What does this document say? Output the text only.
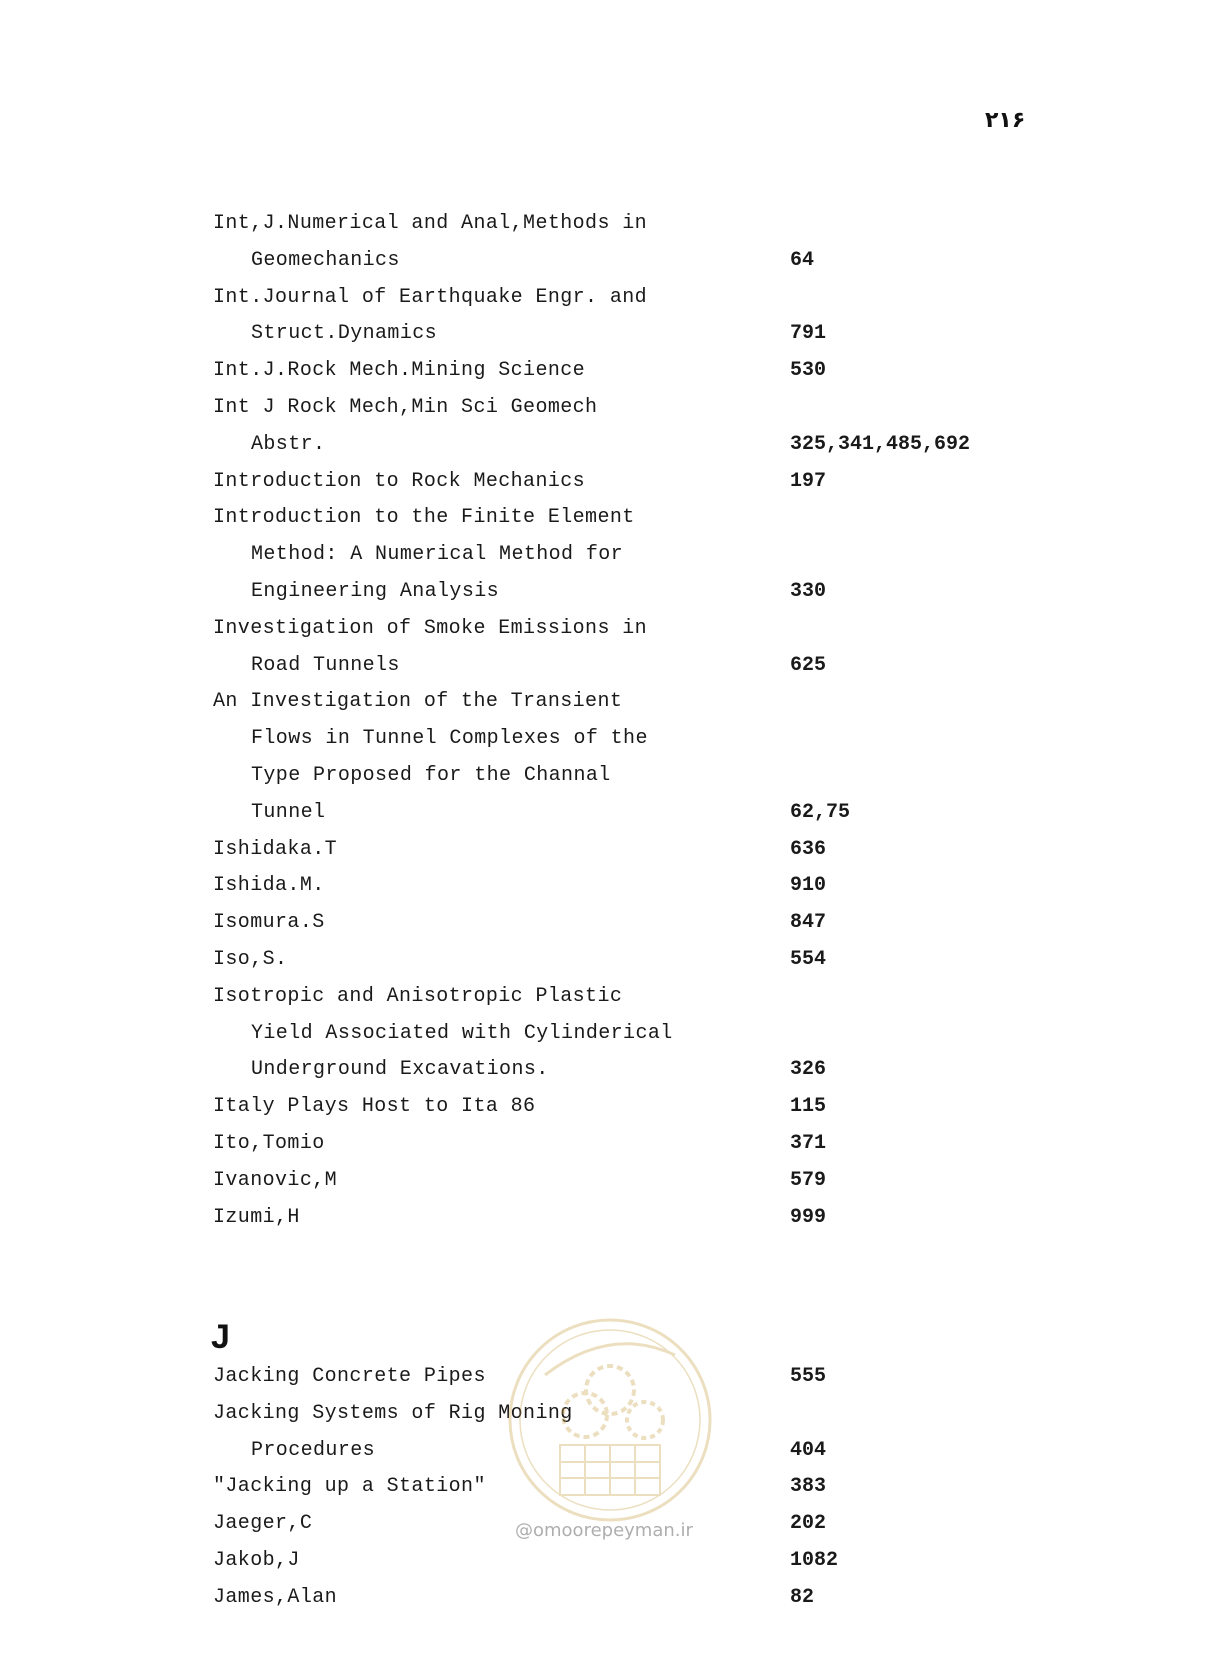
۲۱۶
Int,J.Numerical and Anal,Methods in
Geomechanics	64
Int.Journal of Earthquake Engr. and
Struct.Dynamics	791
Int.J.Rock Mech.Mining Science	530
Int J Rock Mech,Min Sci Geomech
Abstr.	325,341,485,692
Introduction to Rock Mechanics	197
Introduction to the Finite Element
Method: A Numerical Method for
Engineering Analysis	330
Investigation of Smoke Emissions in
Road Tunnels	625
An Investigation of the Transient
Flows in Tunnel Complexes of the
Type Proposed for the Channal
Tunnel	62,75
Ishidaka.T	636
Ishida.M.	910
Isomura.S	847
Iso,S.	554
Isotropic and Anisotropic Plastic
Yield Associated with Cylinderical
Underground Excavations.	326
Italy Plays Host to Ita 86	115
Ito,Tomio	371
Ivanovic,M	579
Izumi,H	999
Jacking Concrete Pipes	555
Jacking Systems of Rig Moning
Procedures	404
"Jacking up a Station"	383
Jaeger,C	202
Jakob,J	1082
James,Alan	82
J
@omoorepeyman.ir
